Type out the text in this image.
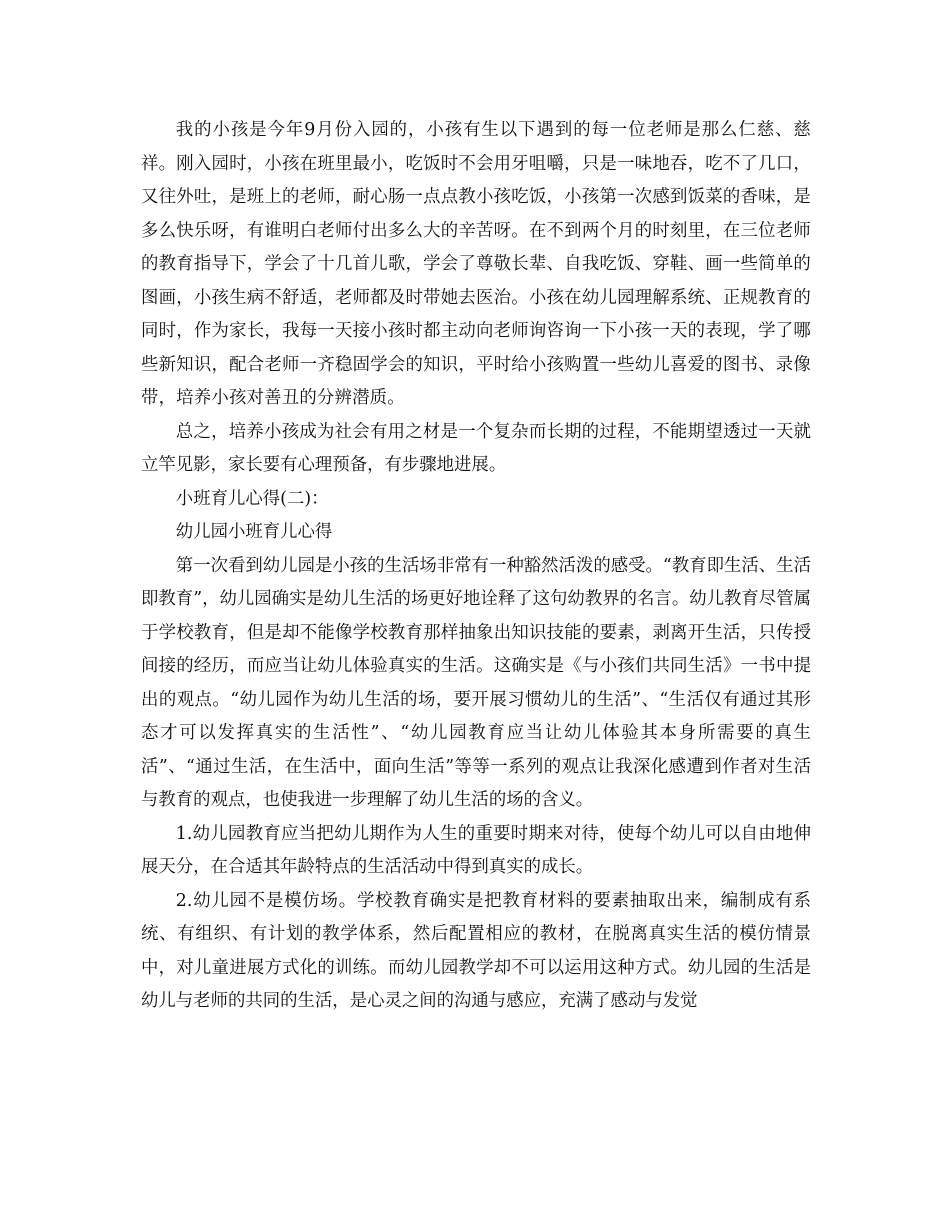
我的小孩是今年9月份入园的，小孩有生以下遇到的每一位老师是那么仁慈、慈祥。刚入园时，小孩在班里最小，吃饭时不会用牙咀嚼，只是一味地吞，吃不了几口，又往外吐，是班上的老师，耐心肠一点点教小孩吃饭，小孩第一次感到饭菜的香味，是多么快乐呀，有谁明白老师付出多么大的辛苦呀。在不到两个月的时刻里，在三位老师的教育指导下，学会了十几首儿歌，学会了尊敬长辈、自我吃饭、穿鞋、画一些简单的图画，小孩生病不舒适，老师都及时带她去医治。小孩在幼儿园理解系统、正规教育的同时，作为家长，我每一天接小孩时都主动向老师询咨询一下小孩一天的表现，学了哪些新知识，配合老师一齐稳固学会的知识，平时给小孩购置一些幼儿喜爱的图书、录像带，培养小孩对善丑的分辨潜质。

总之，培养小孩成为社会有用之材是一个复杂而长期的过程，不能期望透过一天就立竿见影，家长要有心理预备，有步骤地进展。

小班育儿心得(二)：

幼儿园小班育儿心得

第一次看到幼儿园是小孩的生活场非常有一种豁然活泼的感受。“教育即生活、生活即教育”，幼儿园确实是幼儿生活的场更好地诠释了这句幼教界的名言。幼儿教育尽管属于学校教育，但是却不能像学校教育那样抽象出知识技能的要素，剥离开生活，只传授间接的经历，而应当让幼儿体验真实的生活。这确实是《与小孩们共同生活》一书中提出的观点。“幼儿园作为幼儿生活的场，要开展习惯幼儿的生活”、“生活仅有通过其形态才可以发挥真实的生活性”、“幼儿园教育应当让幼儿体验其本身所需要的真生活”、“通过生活，在生活中，面向生活”等等一系列的观点让我深化感遭到作者对生活与教育的观点，也使我进一步理解了幼儿生活的场的含义。

1.幼儿园教育应当把幼儿期作为人生的重要时期来对待，使每个幼儿可以自由地伸展天分，在合适其年龄特点的生活活动中得到真实的成长。

2.幼儿园不是模仿场。学校教育确实是把教育材料的要素抽取出来，编制成有系统、有组织、有计划的教学体系，然后配置相应的教材，在脱离真实生活的模仿情景中，对儿童进展方式化的训练。而幼儿园教学却不可以运用这种方式。幼儿园的生活是幼儿与老师的共同的生活，是心灵之间的沟通与感应，充满了感动与发觉
